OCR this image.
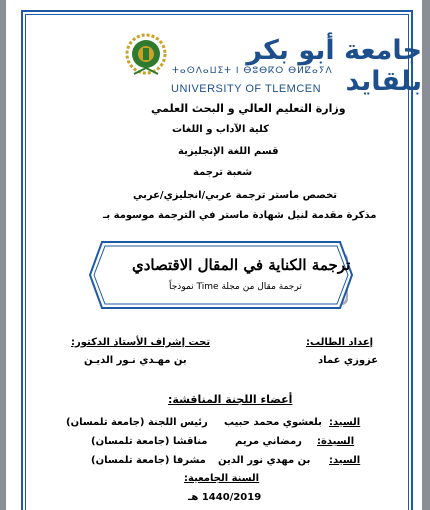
جامعة أبو بكر بلقايد
ⵜⴰⵙⴷⴰⵡⵉⵜ ⵏ ⴱⵓⴱⴽⵔ ⴱⵍⵇⴰⵢⴷ
UNIVERSITY OF TLEMCEN
وزارة التعليم العالي و البحث العلمي
كلية الآداب و اللغات
قسم اللغة الإنجليزية
شعبة ترجمة
تخصص ماستر ترجمة عربي/انجليزي/عربي
مذكرة مقدمة لنيل شهادة ماستر في الترجمة موسومة بـ
ترجمة الكناية في المقال الاقتصادي
ترجمة مقال من مجلة Time نموذجاً
إعداد الطالب:
عزوزي عماد
تحت إشراف الأستاذ الدكتور:
بن مهـدي نـور الديـن
أعضاء اللجنة المناقشة:
السيد:
بلعشوي محمد حبيب
رئيس اللجنة (جامعة تلمسان)
السيدة:
رمضاني مريم
مناقشا (جامعة تلمسان)
السيد:
بن مهدي نور الدين
مشرفا (جامعة تلمسان)
السنة الجامعية:
1440/2019 هـ
